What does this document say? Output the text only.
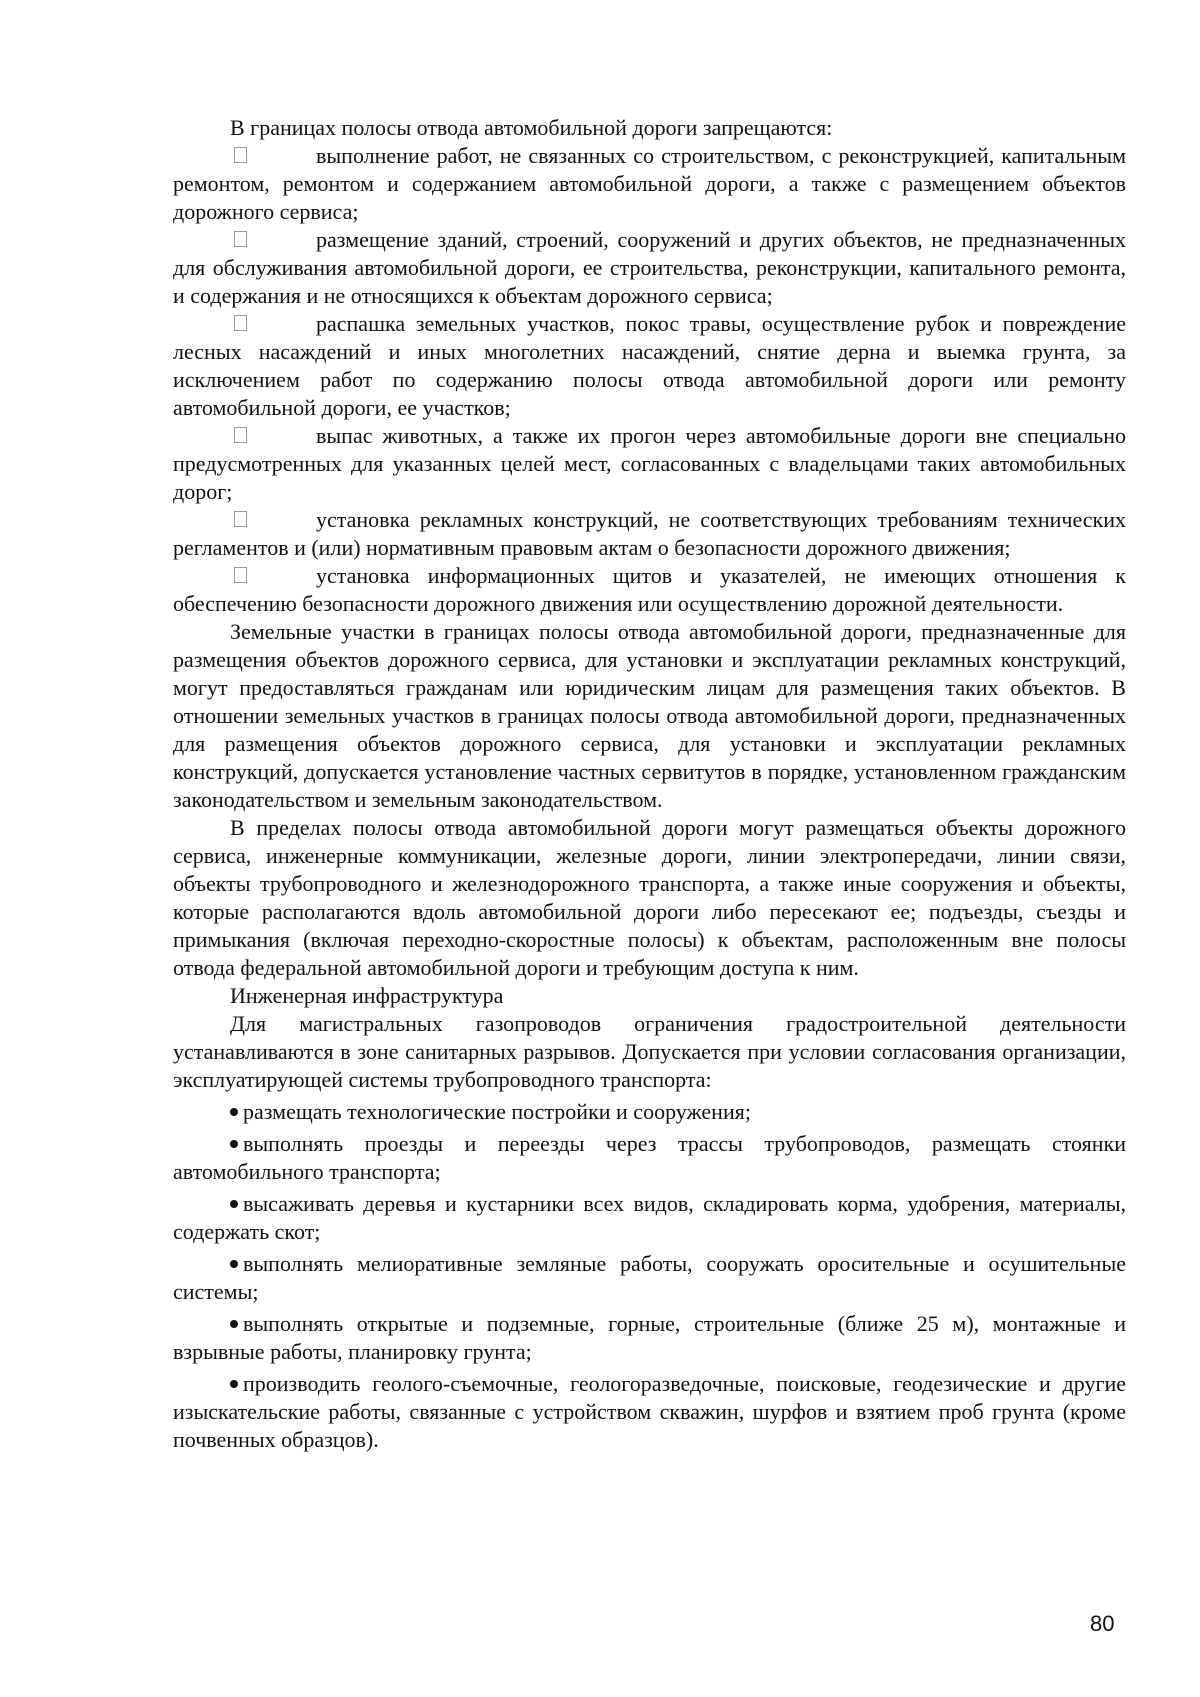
В границах полосы отвода автомобильной дороги запрещаются:

выполнение работ, не связанных со строительством, с реконструкцией, капитальным ремонтом, ремонтом и содержанием автомобильной дороги, а также с размещением объектов дорожного сервиса;

размещение зданий, строений, сооружений и других объектов, не предназначенных для обслуживания автомобильной дороги, ее строительства, реконструкции, капитального ремонта, и содержания и не относящихся к объектам дорожного сервиса;

распашка земельных участков, покос травы, осуществление рубок и повреждение лесных насаждений и иных многолетних насаждений, снятие дерна и выемка грунта, за исключением работ по содержанию полосы отвода автомобильной дороги или ремонту автомобильной дороги, ее участков;

выпас животных, а также их прогон через автомобильные дороги вне специально предусмотренных для указанных целей мест, согласованных с владельцами таких автомобильных дорог;

установка рекламных конструкций, не соответствующих требованиям технических регламентов и (или) нормативным правовым актам о безопасности дорожного движения;

установка информационных щитов и указателей, не имеющих отношения к обеспечению безопасности дорожного движения или осуществлению дорожной деятельности.

Земельные участки в границах полосы отвода автомобильной дороги, предназначенные для размещения объектов дорожного сервиса, для установки и эксплуатации рекламных конструкций, могут предоставляться гражданам или юридическим лицам для размещения таких объектов. В отношении земельных участков в границах полосы отвода автомобильной дороги, предназначенных для размещения объектов дорожного сервиса, для установки и эксплуатации рекламных конструкций, допускается установление частных сервитутов в порядке, установленном гражданским законодательством и земельным законодательством.

В пределах полосы отвода автомобильной дороги могут размещаться объекты дорожного сервиса, инженерные коммуникации, железные дороги, линии электропередачи, линии связи, объекты трубопроводного и железнодорожного транспорта, а также иные сооружения и объекты, которые располагаются вдоль автомобильной дороги либо пересекают ее; подъезды, съезды и примыкания (включая переходно-скоростные полосы) к объектам, расположенным вне полосы отвода федеральной автомобильной дороги и требующим доступа к ним.

Инженерная инфраструктура

Для магистральных газопроводов ограничения градостроительной деятельности устанавливаются в зоне санитарных разрывов. Допускается при условии согласования организации, эксплуатирующей системы трубопроводного транспорта:

размещать технологические постройки и сооружения;

выполнять проезды и переезды через трассы трубопроводов, размещать стоянки автомобильного транспорта;

высаживать деревья и кустарники всех видов, складировать корма, удобрения, материалы, содержать скот;

выполнять мелиоративные земляные работы, сооружать оросительные и осушительные системы;

выполнять открытые и подземные, горные, строительные (ближе 25 м), монтажные и взрывные работы, планировку грунта;

производить геолого-съемочные, геологоразведочные, поисковые, геодезические и другие изыскательские работы, связанные с устройством скважин, шурфов и взятием проб грунта (кроме почвенных образцов).

80
